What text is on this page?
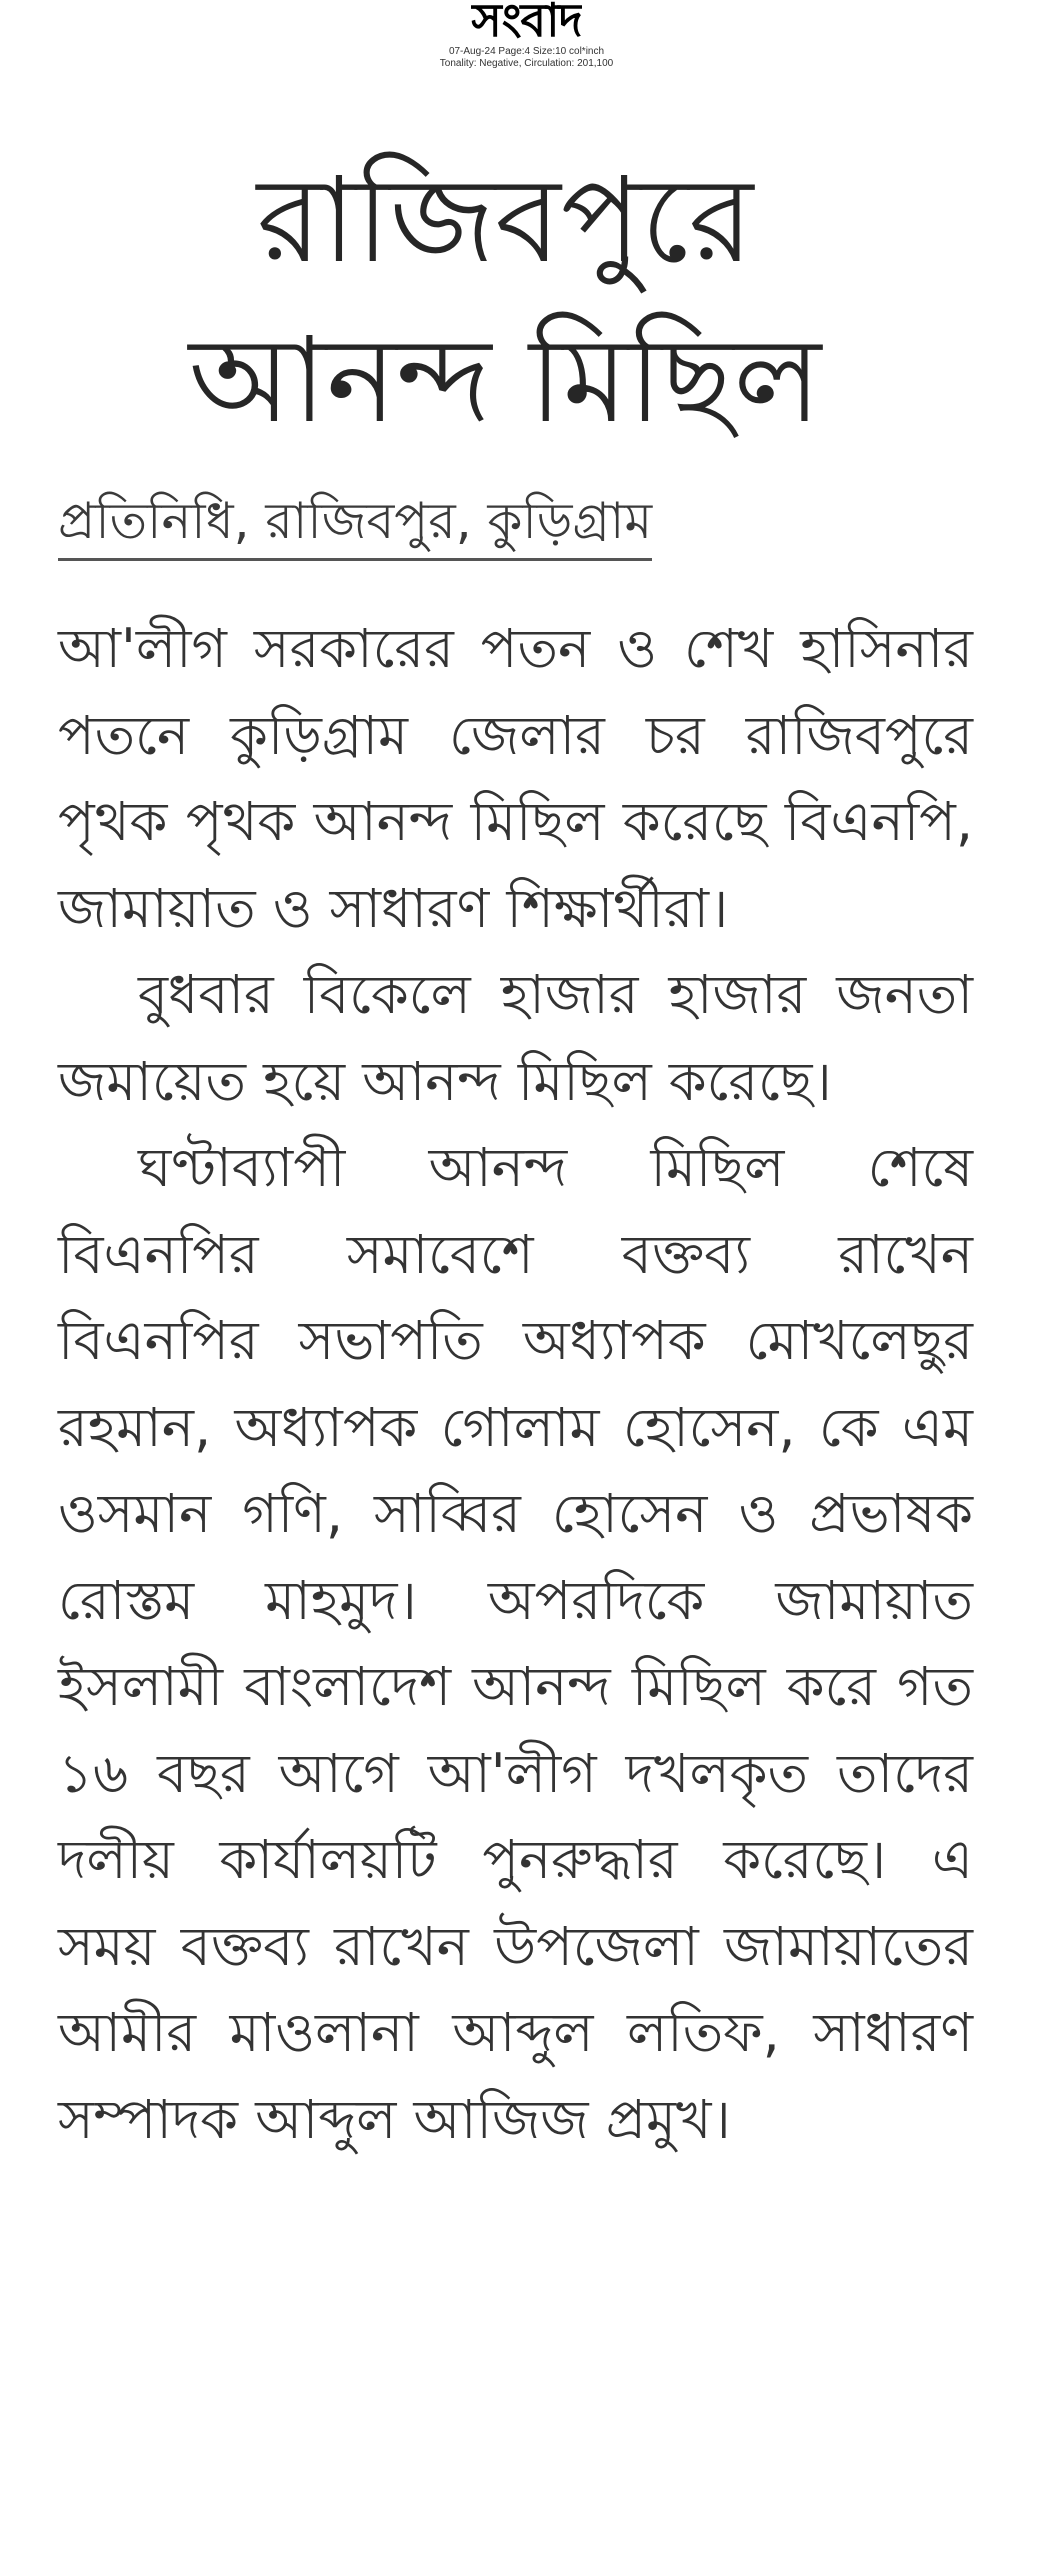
সংবাদ
07-Aug-24 Page:4 Size:10 col*inch
Tonality: Negative, Circulation: 201,100
রাজিবপুরে
আনন্দ মিছিল
প্রতিনিধি, রাজিবপুর, কুড়িগ্রাম

আ'লীগ সরকারের পতন ও শেখ হাসিনার পতনে কুড়িগ্রাম জেলার চর রাজিবপুরে পৃথক পৃথক আনন্দ মিছিল করেছে বিএনপি, জামায়াত ও সাধারণ শিক্ষার্থীরা।

বুধবার বিকেলে হাজার হাজার জনতা জমায়েত হয়ে আনন্দ মিছিল করেছে।

ঘণ্টাব্যাপী আনন্দ মিছিল শেষে বিএনপির সমাবেশে বক্তব্য রাখেন বিএনপির সভাপতি অধ্যাপক মোখলেছুর রহমান, অধ্যাপক গোলাম হোসেন, কে এম ওসমান গণি, সাব্বির হোসেন ও প্রভাষক রোস্তম মাহমুদ। অপরদিকে জামায়াত ইসলামী বাংলাদেশ আনন্দ মিছিল করে গত ১৬ বছর আগে আ'লীগ দখলকৃত তাদের দলীয় কার্যালয়টি পুনরুদ্ধার করেছে। এ সময় বক্তব্য রাখেন উপজেলা জামায়াতের আমীর মাওলানা আব্দুল লতিফ, সাধারণ সম্পাদক আব্দুল আজিজ প্রমুখ।
